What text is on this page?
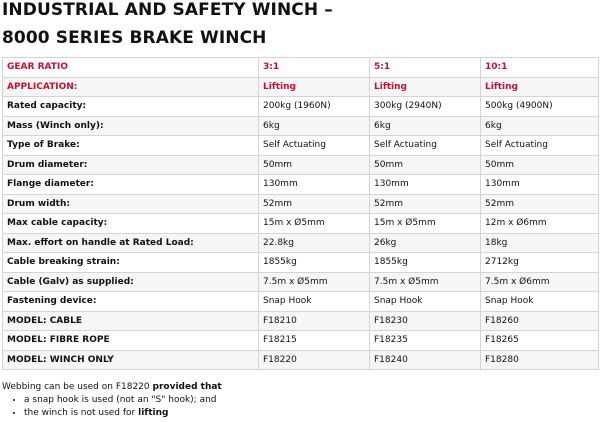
INDUSTRIAL AND SAFETY WINCH –
8000 SERIES BRAKE WINCH
GEAR RATIO	3:1	5:1	10:1
APPLICATION:	Lifting	Lifting	Lifting
Rated capacity:	200kg (1960N)	300kg (2940N)	500kg (4900N)
Mass (Winch only):	6kg	6kg	6kg
Type of Brake:	Self Actuating	Self Actuating	Self Actuating
Drum diameter:	50mm	50mm	50mm
Flange diameter:	130mm	130mm	130mm
Drum width:	52mm	52mm	52mm
Max cable capacity:	15m x Ø5mm	15m x Ø5mm	12m x Ø6mm
Max. effort on handle at Rated Load:	22.8kg	26kg	18kg
Cable breaking strain:	1855kg	1855kg	2712kg
Cable (Galv) as supplied:	7.5m x Ø5mm	7.5m x Ø5mm	7.5m x Ø6mm
Fastening device:	Snap Hook	Snap Hook	Snap Hook
MODEL: CABLE	F18210	F18230	F18260
MODEL: FIBRE ROPE	F18215	F18235	F18265
MODEL: WINCH ONLY	F18220	F18240	F18280
Webbing can be used on F18220 provided that
• a snap hook is used (not an "S" hook); and
• the winch is not used for lifting
